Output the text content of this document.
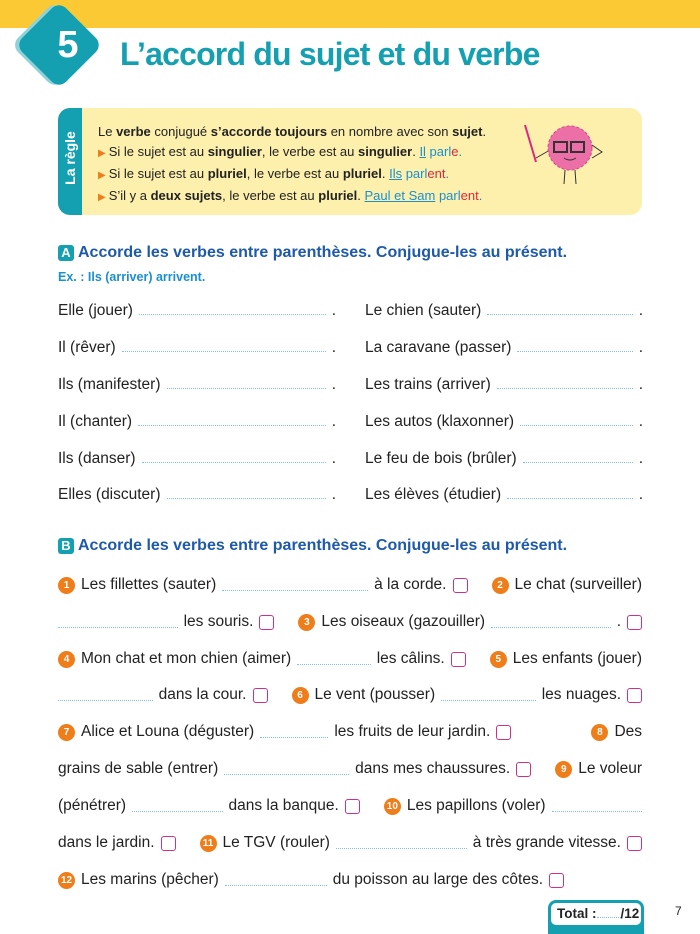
5	L’accord du sujet et du verbe
La règle Le verbe conjugué s’accorde toujours en nombre avec son sujet.
▶ Si le sujet est au singulier, le verbe est au singulier. Il parle.
▶ Si le sujet est au pluriel, le verbe est au pluriel. Ils parlent.
▶ S’il y a deux sujets, le verbe est au pluriel. Paul et Sam parlent.
A Accorde les verbes entre parenthèses. Conjugue-les au présent.
Ex. : Ils (arriver) arrivent.
Elle (jouer)	.
Il (rêver)	.
Ils (manifester)	.
Il (chanter)	.
Ils (danser)	.
Elles (discuter)	.
Le chien (sauter)	.
La caravane (passer)	.
Les trains (arriver)	.
Les autos (klaxonner)	.
Le feu de bois (brûler)	.
Les élèves (étudier)	.
B Accorde les verbes entre parenthèses. Conjugue-les au présent.
1 Les fillettes (sauter)	à la corde.	2 Le chat (surveiller)
les souris.	3 Les oiseaux (gazouiller)	.
4 Mon chat et mon chien (aimer)	les câlins.	5 Les enfants (jouer)
dans la cour.	6 Le vent (pousser)	les nuages.
7 Alice et Louna (déguster)	les fruits de leur jardin.	8 Des
grains de sable (entrer)	dans mes chaussures.	9 Le voleur
(pénétrer)	dans la banque.	10 Les papillons (voler)
dans le jardin.	11 Le TGV (rouler)	à très grande vitesse.
12 Les marins (pêcher)	du poisson au large des côtes.
Total : /12	7
